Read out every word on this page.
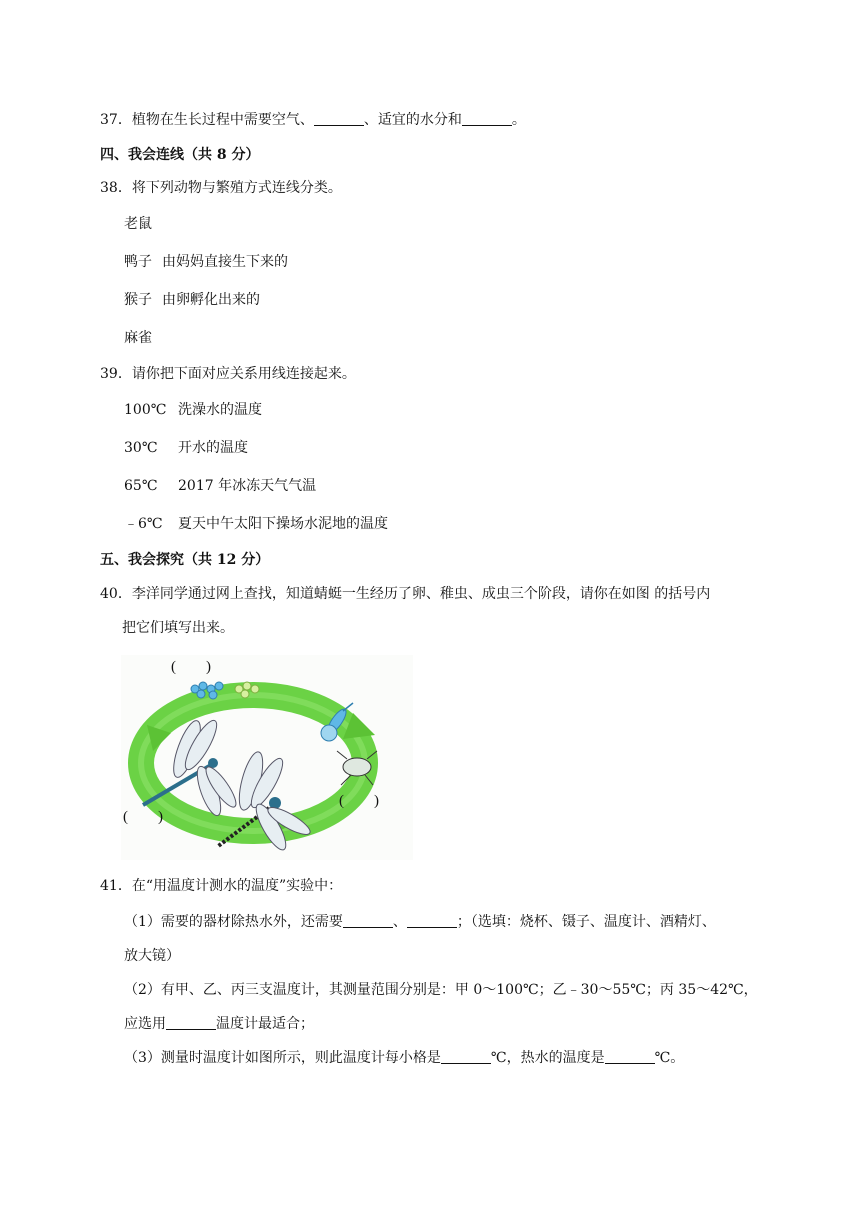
37．植物在生长过程中需要空气、	、适宜的水分和	。
四、我会连线（共 8 分）
38．将下列动物与繁殖方式连线分类。
老鼠
鸭子 由妈妈直接生下来的
猴子 由卵孵化出来的
麻雀
39．请你把下面对应关系用线连接起来。
100℃ 洗澡水的温度
30℃ 开水的温度
65℃ 2017 年冰冻天气气温
﹣6℃ 夏天中午太阳下操场水泥地的温度
五、我会探究（共 12 分）
40．李洋同学通过网上查找，知道蜻蜓一生经历了卵、稚虫、成虫三个阶段，请你在如图 的括号内
把它们填写出来。
(        )
(        )
(        )
41．在“用温度计测水的温度”实验中：
（1）需要的器材除热水外，还需要	、	；（选填：烧杯、镊子、温度计、酒精灯、
放大镜）
（2）有甲、乙、丙三支温度计，其测量范围分别是：甲 0～100℃；乙﹣30～55℃；丙 35～42℃，
应选用	温度计最适合；
（3）测量时温度计如图所示，则此温度计每小格是	℃，热水的温度是	℃。
